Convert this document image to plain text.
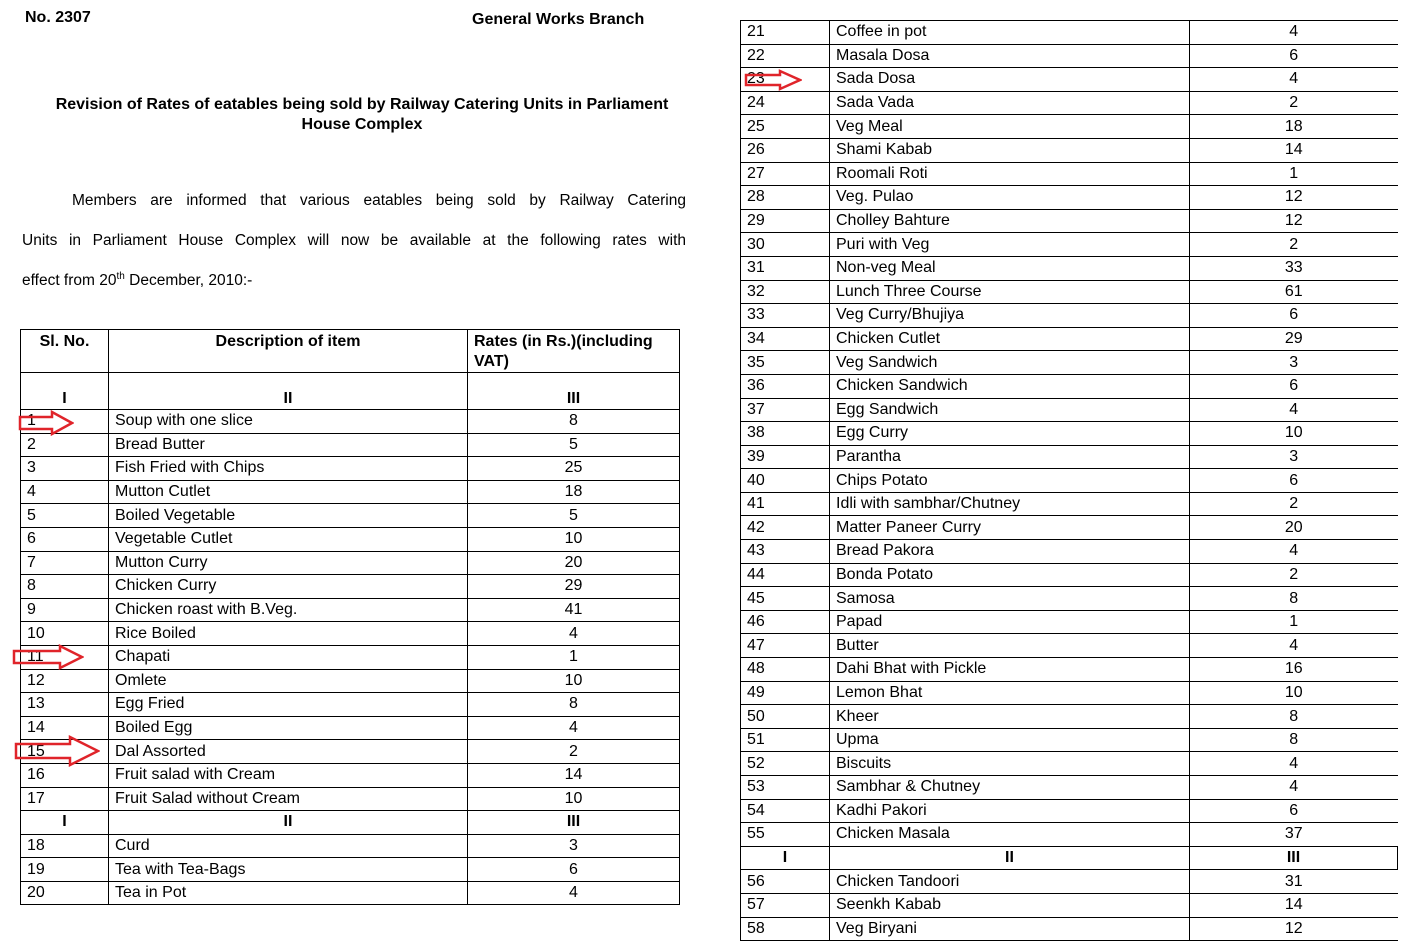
No. 2307	General Works Branch
Revision of Rates of eatables being sold by Railway Catering Units in Parliament
House Complex
Members are informed that various eatables being sold by Railway Catering
Units in Parliament House Complex will now be available at the following rates with
effect from 20th December, 2010:-
Sl. No.	Description of item	Rates (in Rs.)(including VAT)
I	II	III
1	Soup with one slice	8
2	Bread Butter	5
3	Fish Fried with Chips	25
4	Mutton Cutlet	18
5	Boiled Vegetable	5
6	Vegetable Cutlet	10
7	Mutton Curry	20
8	Chicken Curry	29
9	Chicken roast with B.Veg.	41
10	Rice Boiled	4
11	Chapati	1
12	Omlete	10
13	Egg Fried	8
14	Boiled Egg	4
15	Dal Assorted	2
16	Fruit salad with Cream	14
17	Fruit Salad without Cream	10
I	II	III
18	Curd	3
19	Tea with Tea-Bags	6
20	Tea in Pot	4
21	Coffee in pot	4
22	Masala Dosa	6
23	Sada Dosa	4
24	Sada Vada	2
25	Veg Meal	18
26	Shami Kabab	14
27	Roomali Roti	1
28	Veg. Pulao	12
29	Cholley Bahture	12
30	Puri with Veg	2
31	Non-veg Meal	33
32	Lunch Three Course	61
33	Veg Curry/Bhujiya	6
34	Chicken Cutlet	29
35	Veg Sandwich	3
36	Chicken Sandwich	6
37	Egg Sandwich	4
38	Egg Curry	10
39	Parantha	3
40	Chips Potato	6
41	Idli with sambhar/Chutney	2
42	Matter Paneer Curry	20
43	Bread Pakora	4
44	Bonda Potato	2
45	Samosa	8
46	Papad	1
47	Butter	4
48	Dahi Bhat with Pickle	16
49	Lemon Bhat	10
50	Kheer	8
51	Upma	8
52	Biscuits	4
53	Sambhar & Chutney	4
54	Kadhi Pakori	6
55	Chicken Masala	37
I	II	III
56	Chicken Tandoori	31
57	Seenkh Kabab	14
58	Veg Biryani	12
